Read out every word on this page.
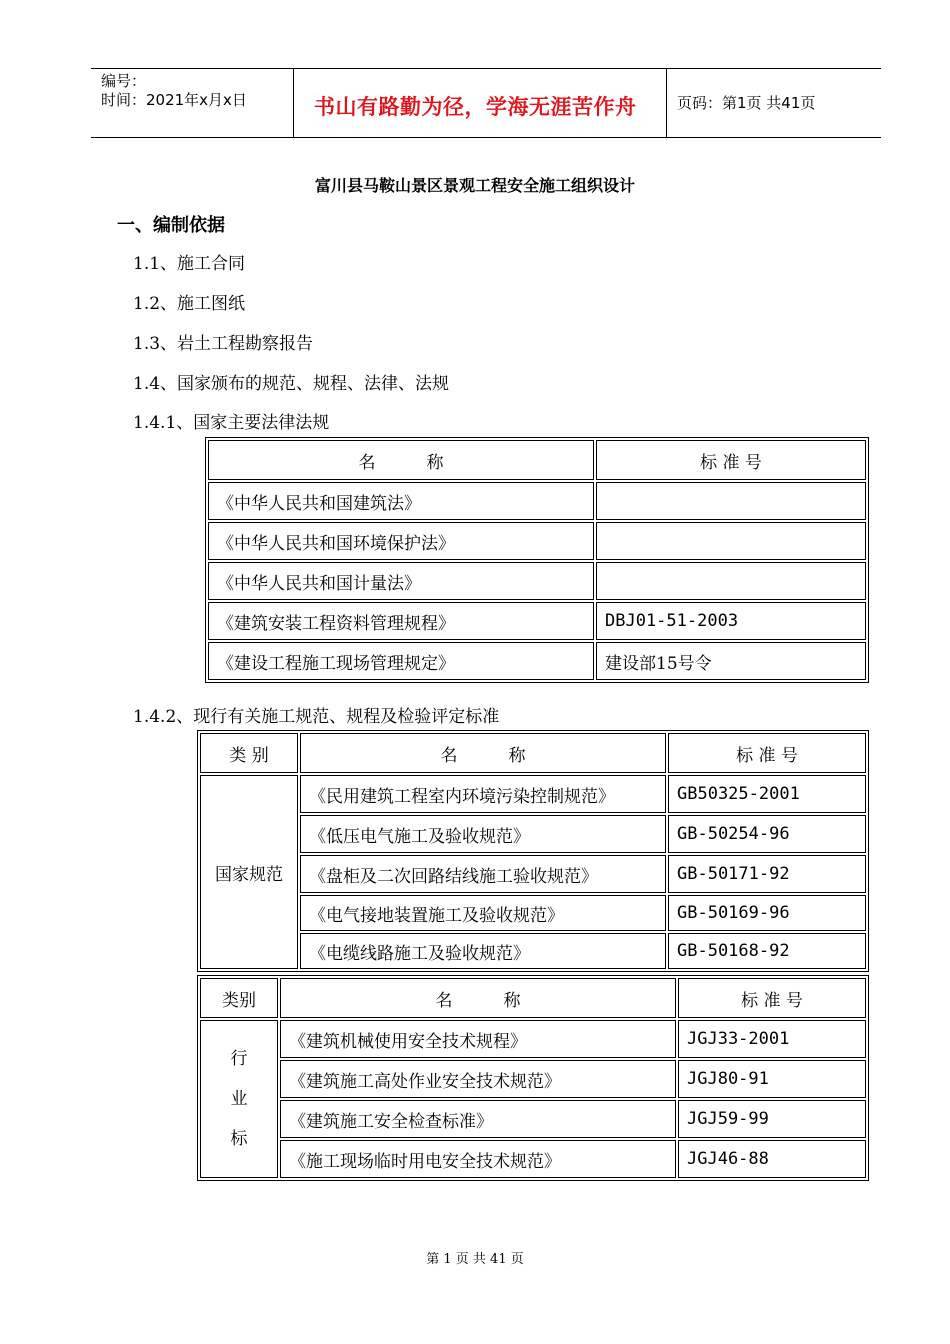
编号：
时间：2021年x月x日	书山有路勤为径，学海无涯苦作舟	页码：第1页 共41页
富川县马鞍山景区景观工程安全施工组织设计
一、编制依据
1.1、施工合同
1.2、施工图纸
1.3、岩土工程勘察报告
1.4、国家颁布的规范、规程、法律、法规
1.4.1、国家主要法律法规
名　　　称	标 准 号
《中华人民共和国建筑法》	
《中华人民共和国环境保护法》	
《中华人民共和国计量法》	
《建筑安装工程资料管理规程》	DBJ01-51-2003
《建设工程施工现场管理规定》	建设部15号令
1.4.2、现行有关施工规范、规程及检验评定标准
类 别	名　　　称	标 准 号
国家规范	《民用建筑工程室内环境污染控制规范》	GB50325-2001
	《低压电气施工及验收规范》	GB-50254-96
	《盘柜及二次回路结线施工验收规范》	GB-50171-92
	《电气接地装置施工及验收规范》	GB-50169-96
	《电缆线路施工及验收规范》	GB-50168-92
类别	名　　　称	标 准 号

行
业
标	《建筑机械使用安全技术规程》	JGJ33-2001
	《建筑施工高处作业安全技术规范》	JGJ80-91
	《建筑施工安全检查标准》	JGJ59-99
	《施工现场临时用电安全技术规范》	JGJ46-88
第 1 页 共 41 页
